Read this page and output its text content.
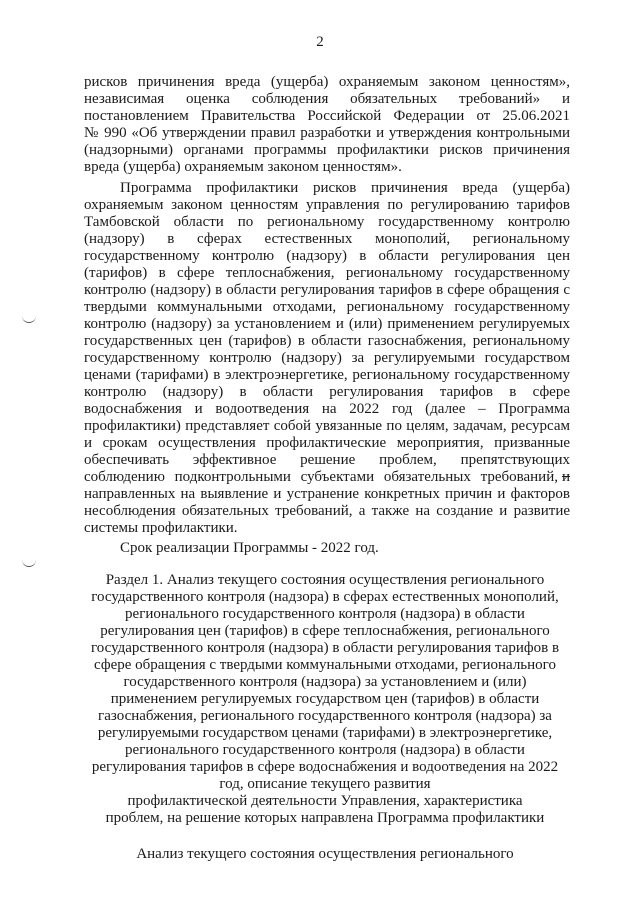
2
рисков причинения вреда (ущерба) охраняемым законом ценностям»,
независимая оценка соблюдения обязательных требований» и
постановлением Правительства Российской Федерации от 25.06.2021
№ 990 «Об утверждении правил разработки и утверждения контрольными
(надзорными) органами программы профилактики рисков причинения
вреда (ущерба) охраняемым законом ценностям».
Программа профилактики рисков причинения вреда (ущерба)
охраняемым законом ценностям управления по регулированию тарифов
Тамбовской области по региональному государственному контролю
(надзору) в сферах естественных монополий, региональному
государственному контролю (надзору) в области регулирования цен
(тарифов) в сфере теплоснабжения, региональному государственному
контролю (надзору) в области регулирования тарифов в сфере обращения с
твердыми коммунальными отходами, региональному государственному
контролю (надзору) за установлением и (или) применением регулируемых
государственных цен (тарифов) в области газоснабжения, региональному
государственному контролю (надзору) за регулируемыми государством
ценами (тарифами) в электроэнергетике, региональному государственному
контролю (надзору) в области регулирования тарифов в сфере
водоснабжения и водоотведения на 2022 год (далее – Программа
профилактики) представляет собой увязанные по целям, задачам, ресурсам
и срокам осуществления профилактические мероприятия, призванные
обеспечивать эффективное решение проблем, препятствующих
соблюдению подконтрольными субъектами обязательных требований, и
направленных на выявление и устранение конкретных причин и факторов
несоблюдения обязательных требований, а также на создание и развитие
системы профилактики.
Срок реализации Программы - 2022 год.
Раздел 1. Анализ текущего состояния осуществления регионального
государственного контроля (надзора) в сферах естественных монополий,
регионального государственного контроля (надзора) в области
регулирования цен (тарифов) в сфере теплоснабжения, регионального
государственного контроля (надзора) в области регулирования тарифов в
сфере обращения с твердыми коммунальными отходами, регионального
государственного контроля (надзора) за установлением и (или)
применением регулируемых государством цен (тарифов) в области
газоснабжения, регионального государственного контроля (надзора) за
регулируемыми государством ценами (тарифами) в электроэнергетике,
регионального государственного контроля (надзора) в области
регулирования тарифов в сфере водоснабжения и водоотведения на 2022
год, описание текущего развития
профилактической деятельности Управления, характеристика
проблем, на решение которых направлена Программа профилактики
Анализ текущего состояния осуществления регионального
